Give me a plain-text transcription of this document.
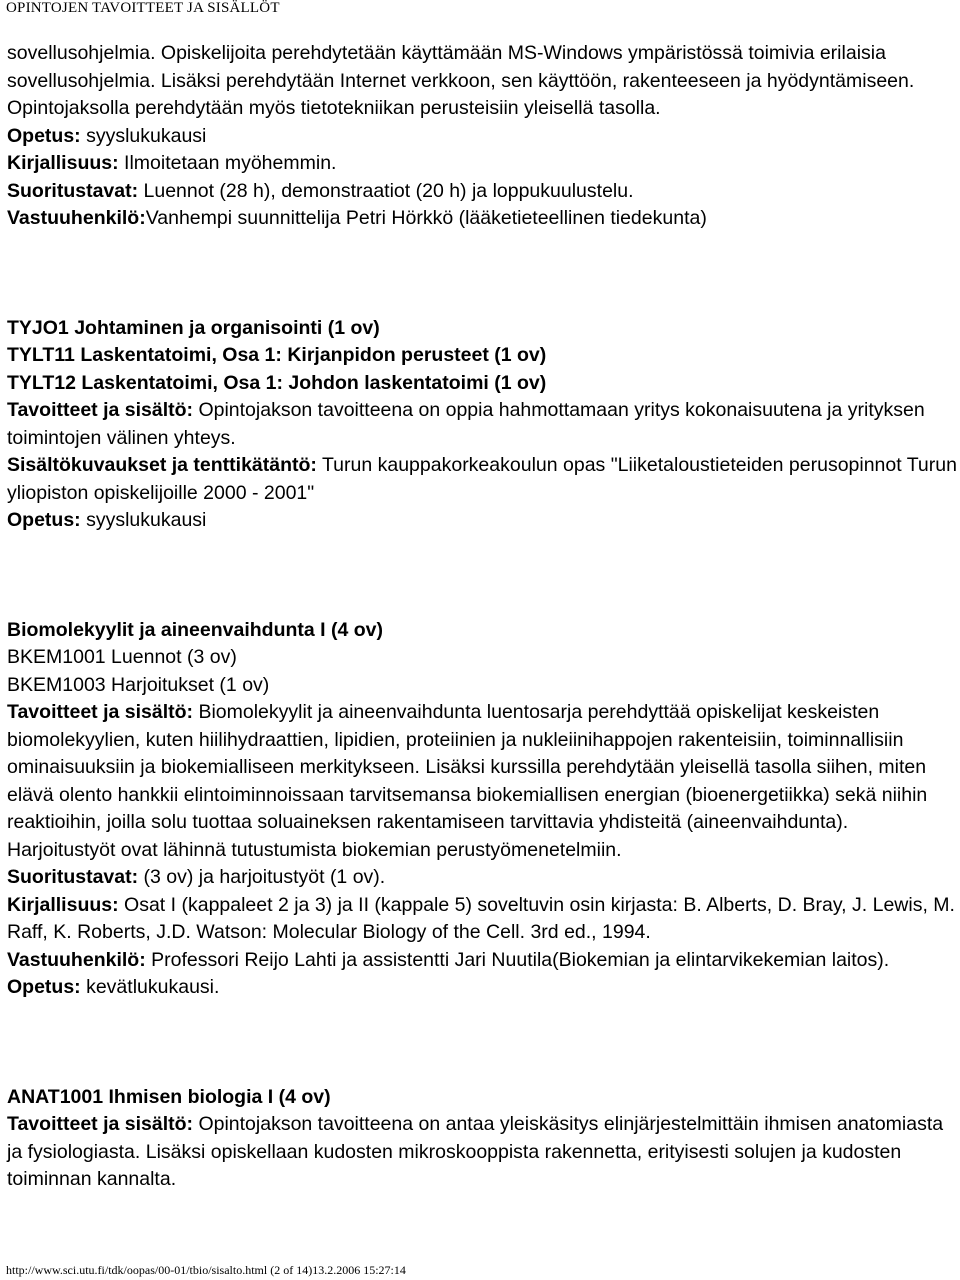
OPINTOJEN TAVOITTEET JA SISÄLLÖT

sovellusohjelmia. Opiskelijoita perehdytetään käyttämään MS-Windows ympäristössä toimivia erilaisia sovellusohjelmia. Lisäksi perehdytään Internet verkkoon, sen käyttöön, rakenteeseen ja hyödyntämiseen. Opintojaksolla perehdytään myös tietotekniikan perusteisiin yleisellä tasolla.

Opetus: syyslukukausi

Kirjallisuus: Ilmoitetaan myöhemmin.

Suoritustavat: Luennot (28 h), demonstraatiot (20 h) ja loppukuulustelu.

Vastuuhenkilö:Vanhempi suunnittelija Petri Hörkkö (lääketieteellinen tiedekunta)

TYJO1 Johtaminen ja organisointi (1 ov)

TYLT11 Laskentatoimi, Osa 1: Kirjanpidon perusteet (1 ov)

TYLT12 Laskentatoimi, Osa 1: Johdon laskentatoimi (1 ov)

Tavoitteet ja sisältö: Opintojakson tavoitteena on oppia hahmottamaan yritys kokonaisuutena ja yrityksen toimintojen välinen yhteys.

Sisältökuvaukset ja tenttikätäntö: Turun kauppakorkeakoulun opas "Liiketaloustieteiden perusopinnot Turun yliopiston opiskelijoille 2000 - 2001"

Opetus: syyslukukausi

Biomolekyylit ja aineenvaihdunta I (4 ov)

BKEM1001 Luennot (3 ov)

BKEM1003 Harjoitukset (1 ov)

Tavoitteet ja sisältö: Biomolekyylit ja aineenvaihdunta luentosarja perehdyttää opiskelijat keskeisten biomolekyylien, kuten hiilihydraattien, lipidien, proteiinien ja nukleiinihappojen rakenteisiin, toiminnallisiin ominaisuuksiin ja biokemialliseen merkitykseen. Lisäksi kurssilla perehdytään yleisellä tasolla siihen, miten elävä olento hankkii elintoiminnoissaan tarvitsemansa biokemiallisen energian (bioenergetiikka) sekä niihin reaktioihin, joilla solu tuottaa soluaineksen rakentamiseen tarvittavia yhdisteitä (aineenvaihdunta). Harjoitustyöt ovat lähinnä tutustumista biokemian perustyömenetelmiin.

Suoritustavat: (3 ov) ja harjoitustyöt (1 ov).

Kirjallisuus: Osat I (kappaleet 2 ja 3) ja II (kappale 5) soveltuvin osin kirjasta: B. Alberts, D. Bray, J. Lewis, M. Raff, K. Roberts, J.D. Watson: Molecular Biology of the Cell. 3rd ed., 1994.

Vastuuhenkilö: Professori Reijo Lahti ja assistentti Jari Nuutila(Biokemian ja elintarvikekemian laitos).

Opetus: kevätlukukausi.

ANAT1001 Ihmisen biologia I (4 ov)

Tavoitteet ja sisältö: Opintojakson tavoitteena on antaa yleiskäsitys elinjärjestelmittäin ihmisen anatomiasta ja fysiologiasta. Lisäksi opiskellaan kudosten mikroskooppista rakennetta, erityisesti solujen ja kudosten toiminnan kannalta.

http://www.sci.utu.fi/tdk/oopas/00-01/tbio/sisalto.html (2 of 14)13.2.2006 15:27:14
